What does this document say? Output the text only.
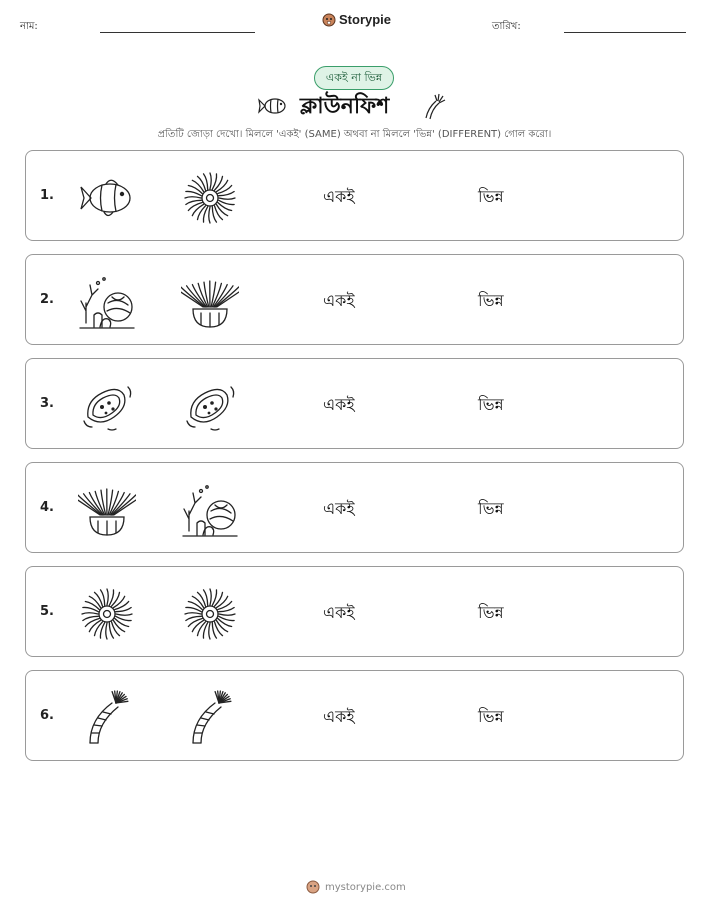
নাম:	Storypie	তারিখ:
একই না ভিন্ন
ক্লাউনফিশ
প্রতিটি জোড়া দেখো। মিললে 'একই' (SAME) অথবা না মিললে 'ভিন্ন' (DIFFERENT) গোল করো।
1.	একই	ভিন্ন
2.	একই	ভিন্ন
3.	একই	ভিন্ন
4.	একই	ভিন্ন
5.	একই	ভিন্ন
6.	একই	ভিন্ন
mystorypie.com
